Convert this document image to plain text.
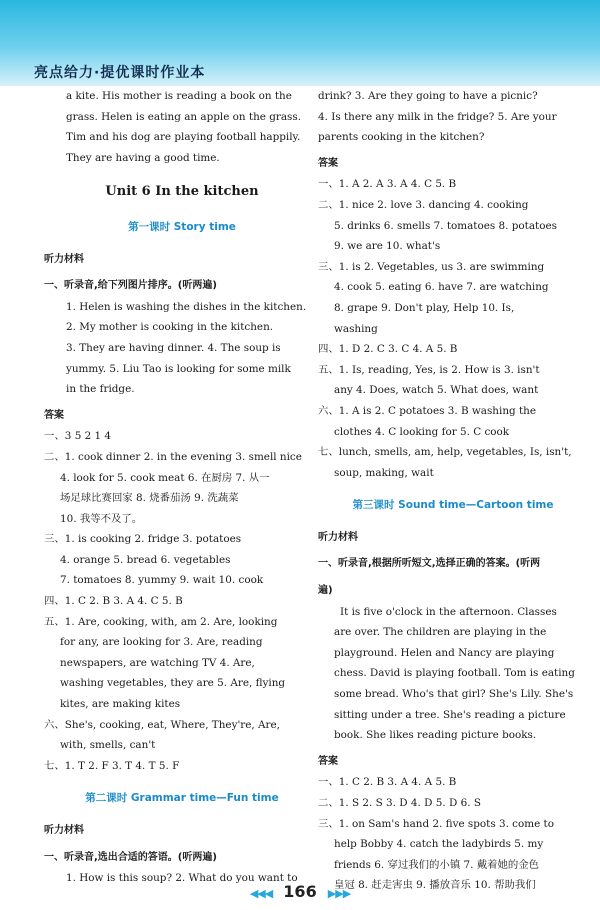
亮点给力·提优课时作业本
a kite. His mother is reading a book on the
grass. Helen is eating an apple on the grass.
Tim and his dog are playing football happily.
They are having a good time.
Unit 6 In the kitchen
第一课时 Story time
听力材料
一、听录音,给下列图片排序。(听两遍)
1. Helen is washing the dishes in the kitchen.
2. My mother is cooking in the kitchen.
3. They are having dinner. 4. The soup is
yummy. 5. Liu Tao is looking for some milk
in the fridge.
答案
一、3 5 2 1 4
二、1. cook dinner 2. in the evening 3. smell nice
4. look for 5. cook meat 6. 在厨房 7. 从一
场足球比赛回家 8. 烧番茄汤 9. 洗蔬菜
10. 我等不及了。
三、1. is cooking 2. fridge 3. potatoes
4. orange 5. bread 6. vegetables
7. tomatoes 8. yummy 9. wait 10. cook
四、1. C 2. B 3. A 4. C 5. B
五、1. Are, cooking, with, am 2. Are, looking
for any, are looking for 3. Are, reading
newspapers, are watching TV 4. Are,
washing vegetables, they are 5. Are, flying
kites, are making kites
六、She's, cooking, eat, Where, They're, Are,
with, smells, can't
七、1. T 2. F 3. T 4. T 5. F
第二课时 Grammar time—Fun time
听力材料
一、听录音,选出合适的答语。(听两遍)
1. How is this soup? 2. What do you want to
drink? 3. Are they going to have a picnic?
4. Is there any milk in the fridge? 5. Are your
parents cooking in the kitchen?
答案
一、1. A 2. A 3. A 4. C 5. B
二、1. nice 2. love 3. dancing 4. cooking
5. drinks 6. smells 7. tomatoes 8. potatoes
9. we are 10. what's
三、1. is 2. Vegetables, us 3. are swimming
4. cook 5. eating 6. have 7. are watching
8. grape 9. Don't play, Help 10. Is,
washing
四、1. D 2. C 3. C 4. A 5. B
五、1. Is, reading, Yes, is 2. How is 3. isn't
any 4. Does, watch 5. What does, want
六、1. A is 2. C potatoes 3. B washing the
clothes 4. C looking for 5. C cook
七、lunch, smells, am, help, vegetables, Is, isn't,
soup, making, wait
第三课时 Sound time—Cartoon time
听力材料
一、听录音,根据所听短文,选择正确的答案。(听两
遍)
It is five o'clock in the afternoon. Classes
are over. The children are playing in the
playground. Helen and Nancy are playing
chess. David is playing football. Tom is eating
some bread. Who's that girl? She's Lily. She's
sitting under a tree. She's reading a picture
book. She likes reading picture books.
答案
一、1. C 2. B 3. A 4. A 5. B
二、1. S 2. S 3. D 4. D 5. D 6. S
三、1. on Sam's hand 2. five spots 3. come to
help Bobby 4. catch the ladybirds 5. my
friends 6. 穿过我们的小镇 7. 戴着她的金色
皇冠 8. 赶走害虫 9. 播放音乐 10. 帮助我们
◀◀◀ 166 ▶▶▶
